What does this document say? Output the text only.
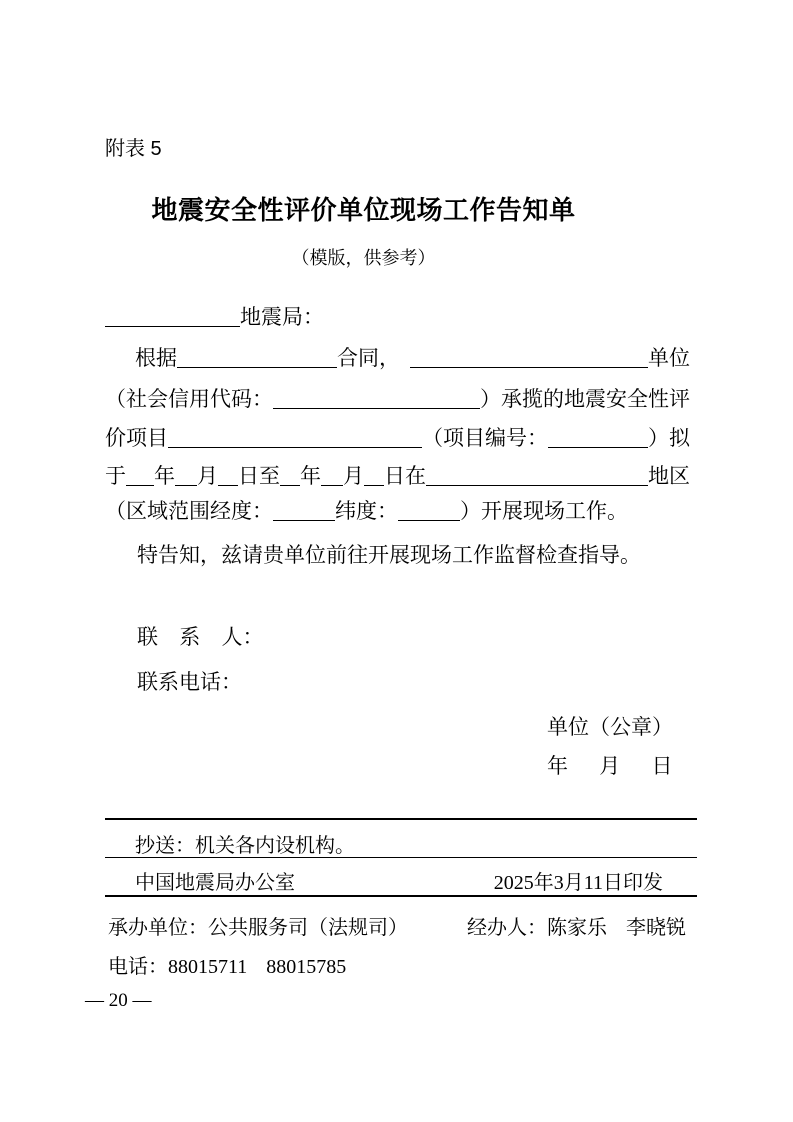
附表 5
地震安全性评价单位现场工作告知单
（模版，供参考）
地震局：
根据	合同，	单位
（社会信用代码：	）承揽的地震安全性评
价项目	（项目编号：	）拟
于 年 月 日至 年 月 日在	地区
（区域范围经度：	纬度：	）开展现场工作。
特告知，兹请贵单位前往开展现场工作监督检查指导。
联 系 人：
联系电话：
单位（公章）
年 月 日
抄送：机关各内设机构。
中国地震局办公室	2025年3月11日印发
承办单位：公共服务司（法规司）	经办人：陈家乐 李晓锐
电话：88015711 88015785
— 20 —
